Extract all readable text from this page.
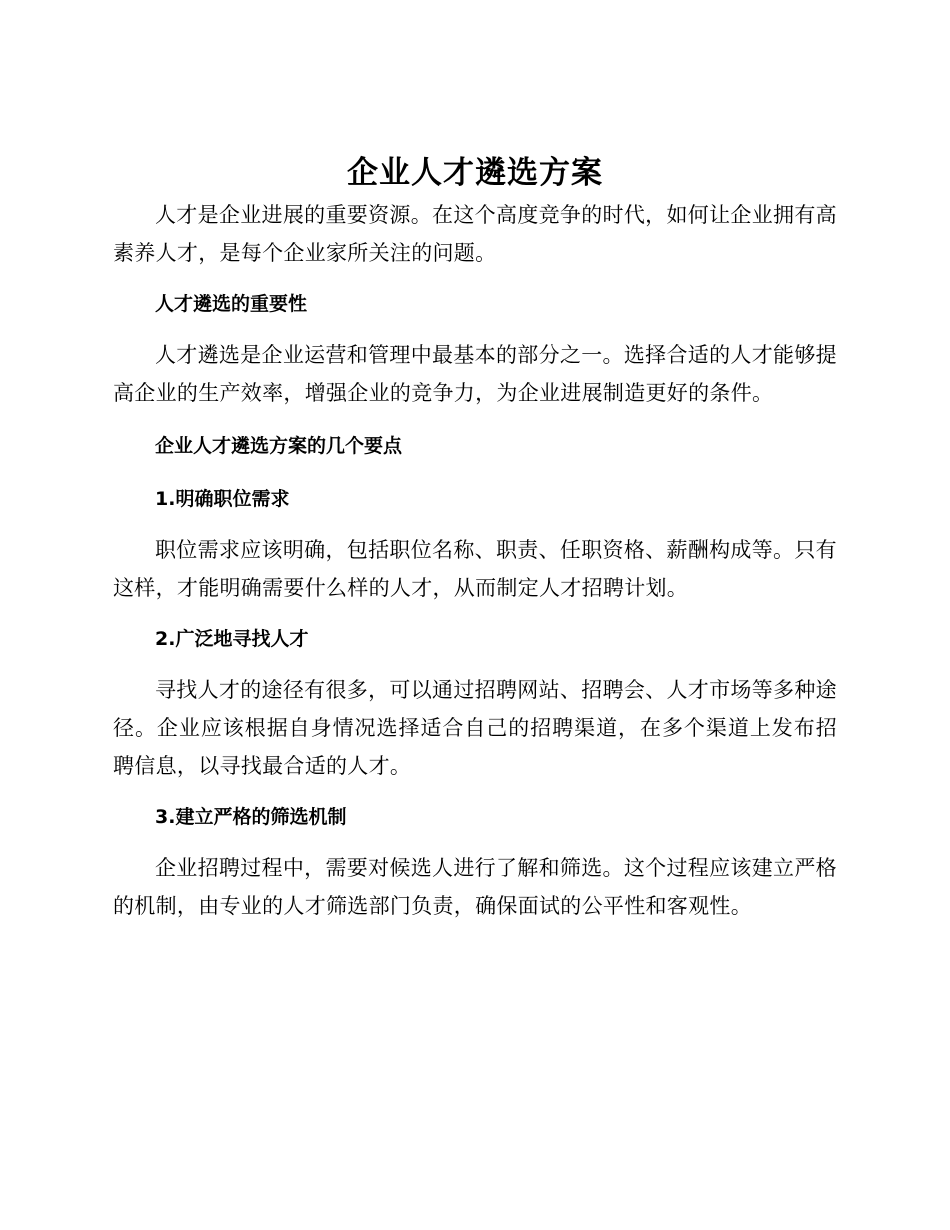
企业人才遴选方案

人才是企业进展的重要资源。在这个高度竞争的时代，如何让企业拥有高素养人才，是每个企业家所关注的问题。

人才遴选的重要性

人才遴选是企业运营和管理中最基本的部分之一。选择合适的人才能够提高企业的生产效率，增强企业的竞争力，为企业进展制造更好的条件。

企业人才遴选方案的几个要点
1.明确职位需求

职位需求应该明确，包括职位名称、职责、任职资格、薪酬构成等。只有这样，才能明确需要什么样的人才，从而制定人才招聘计划。

2.广泛地寻找人才

寻找人才的途径有很多，可以通过招聘网站、招聘会、人才市场等多种途径。企业应该根据自身情况选择适合自己的招聘渠道，在多个渠道上发布招聘信息，以寻找最合适的人才。

3.建立严格的筛选机制

企业招聘过程中，需要对候选人进行了解和筛选。这个过程应该建立严格的机制，由专业的人才筛选部门负责，确保面试的公平性和客观性。
